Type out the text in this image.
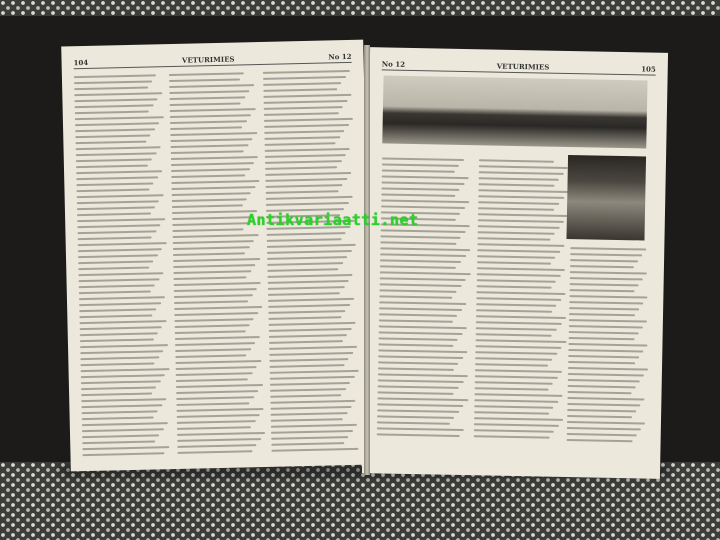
104	VETURIMIES	No 12
No 12	VETURIMIES	105
Antikvariaatti.net
